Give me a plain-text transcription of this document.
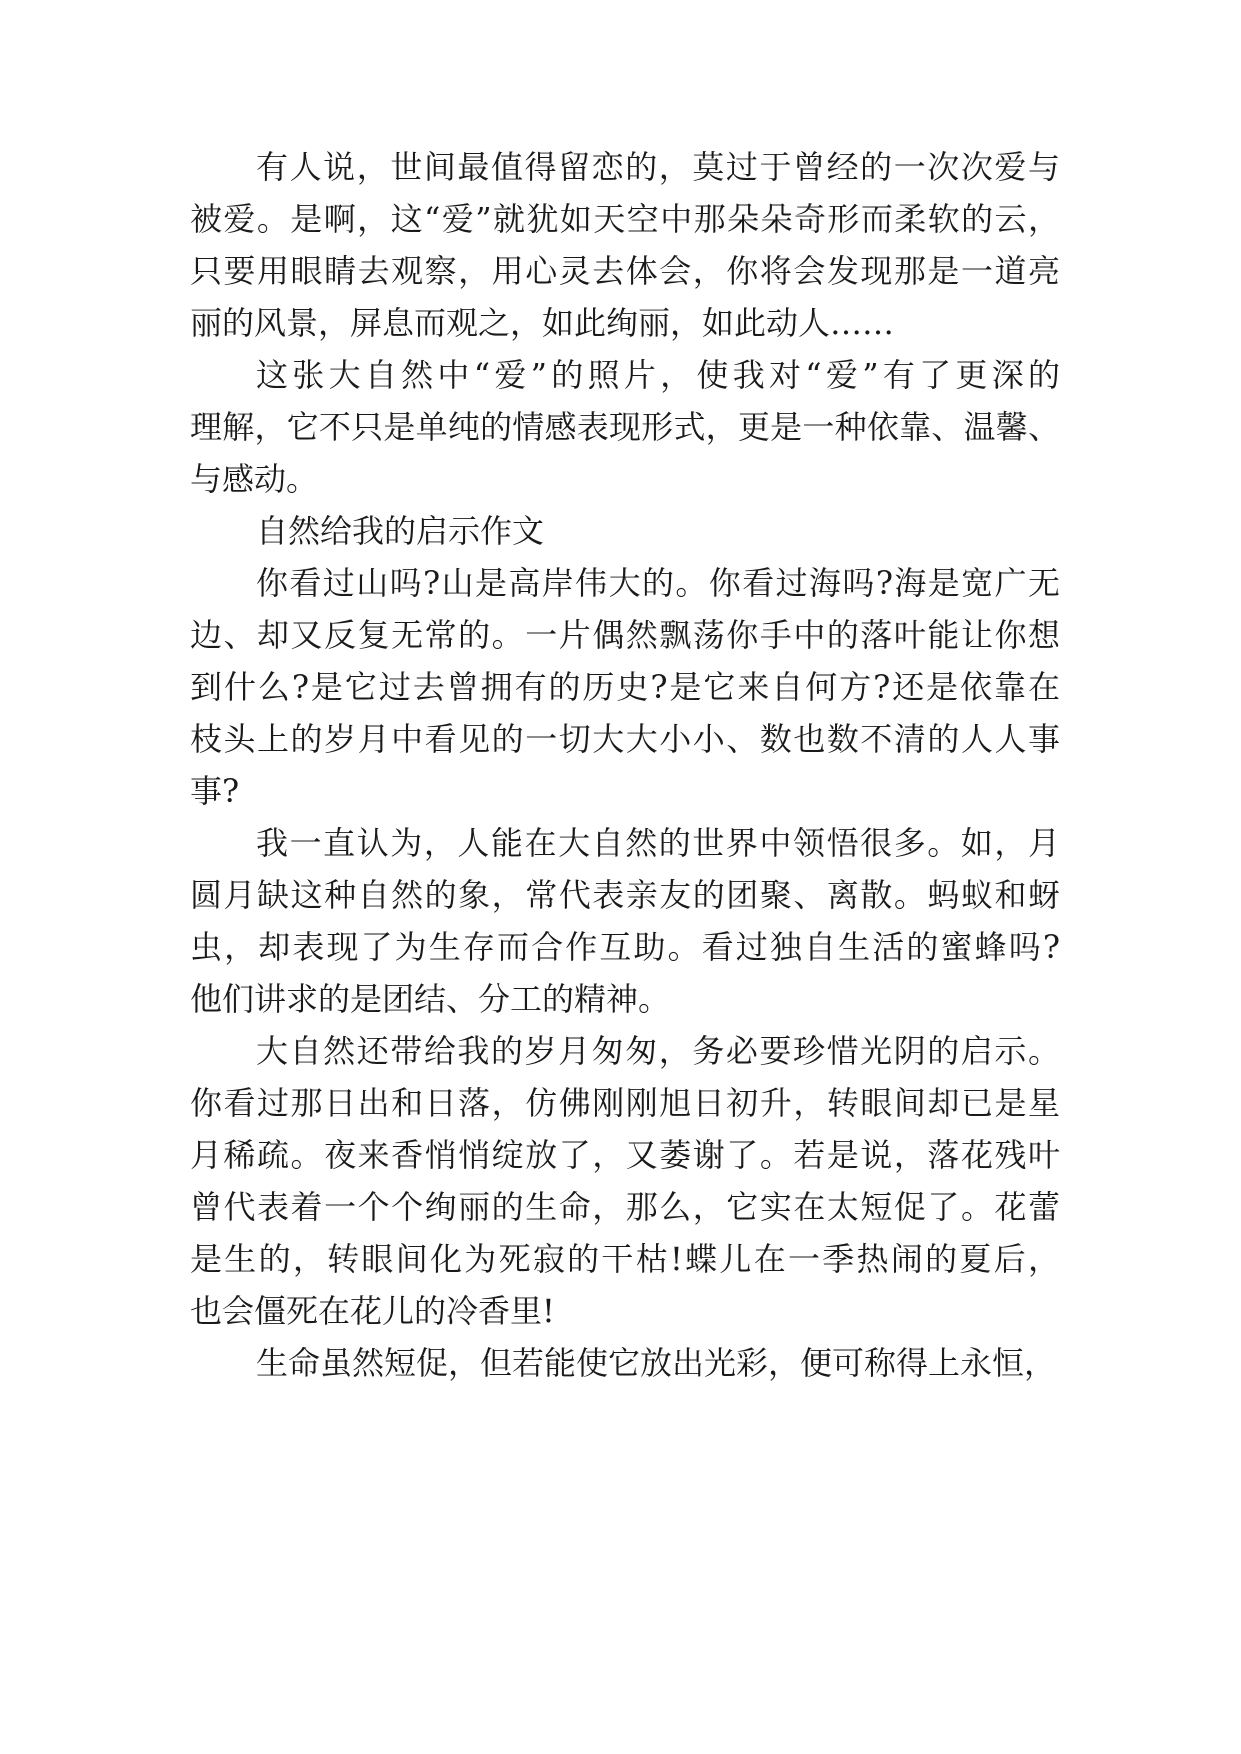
有人说，世间最值得留恋的，莫过于曾经的一次次爱与
被爱。是啊，这“爱”就犹如天空中那朵朵奇形而柔软的云，
只要用眼睛去观察，用心灵去体会，你将会发现那是一道亮
丽的风景，屏息而观之，如此绚丽，如此动人……
这张大自然中“爱”的照片，使我对“爱”有了更深的
理解，它不只是单纯的情感表现形式，更是一种依靠、温馨、
与感动。
自然给我的启示作文
你看过山吗?山是高岸伟大的。你看过海吗?海是宽广无
边、却又反复无常的。一片偶然飘荡你手中的落叶能让你想
到什么?是它过去曾拥有的历史?是它来自何方?还是依靠在
枝头上的岁月中看见的一切大大小小、数也数不清的人人事
事?
我一直认为，人能在大自然的世界中领悟很多。如，月
圆月缺这种自然的象，常代表亲友的团聚、离散。蚂蚁和蚜
虫，却表现了为生存而合作互助。看过独自生活的蜜蜂吗?
他们讲求的是团结、分工的精神。
大自然还带给我的岁月匆匆，务必要珍惜光阴的启示。
你看过那日出和日落，仿佛刚刚旭日初升，转眼间却已是星
月稀疏。夜来香悄悄绽放了，又萎谢了。若是说，落花残叶
曾代表着一个个绚丽的生命，那么，它实在太短促了。花蕾
是生的，转眼间化为死寂的干枯!蝶儿在一季热闹的夏后，
也会僵死在花儿的冷香里!
生命虽然短促，但若能使它放出光彩，便可称得上永恒，
